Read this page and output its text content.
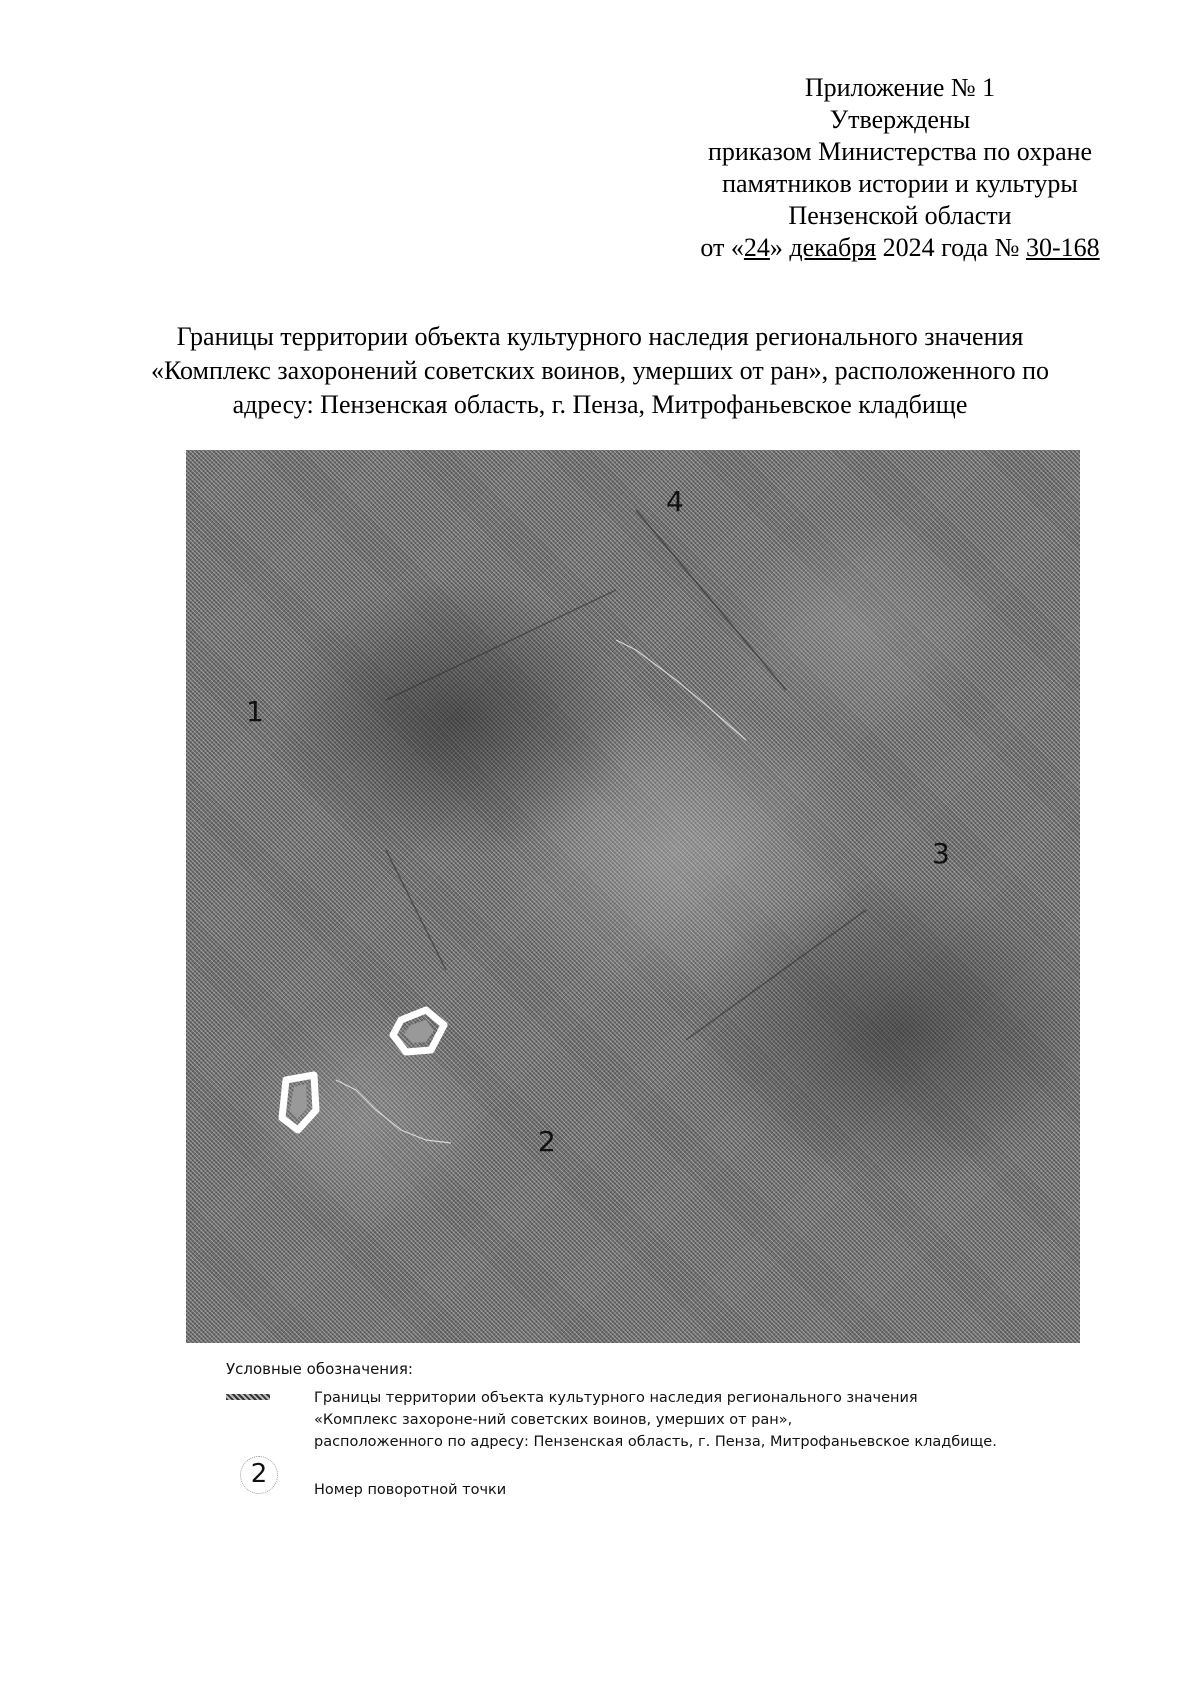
Приложение № 1
Утверждены
приказом Министерства по охране
памятников истории и культуры
Пензенской области
от «24» декабря 2024 года № 30-168
Границы территории объекта культурного наследия регионального значения
«Комплекс захоронений советских воинов, умерших от ран», расположенного по
адресу: Пензенская область, г. Пенза, Митрофаньевское кладбище
1
2
3
4
Условные обозначения:
Границы территории объекта культурного наследия регионального значения
«Комплекс захороне-ний советских воинов, умерших от ран»,
расположенного по адресу: Пензенская область, г. Пенза, Митрофаньевское кладбище.
2
Номер поворотной точки
